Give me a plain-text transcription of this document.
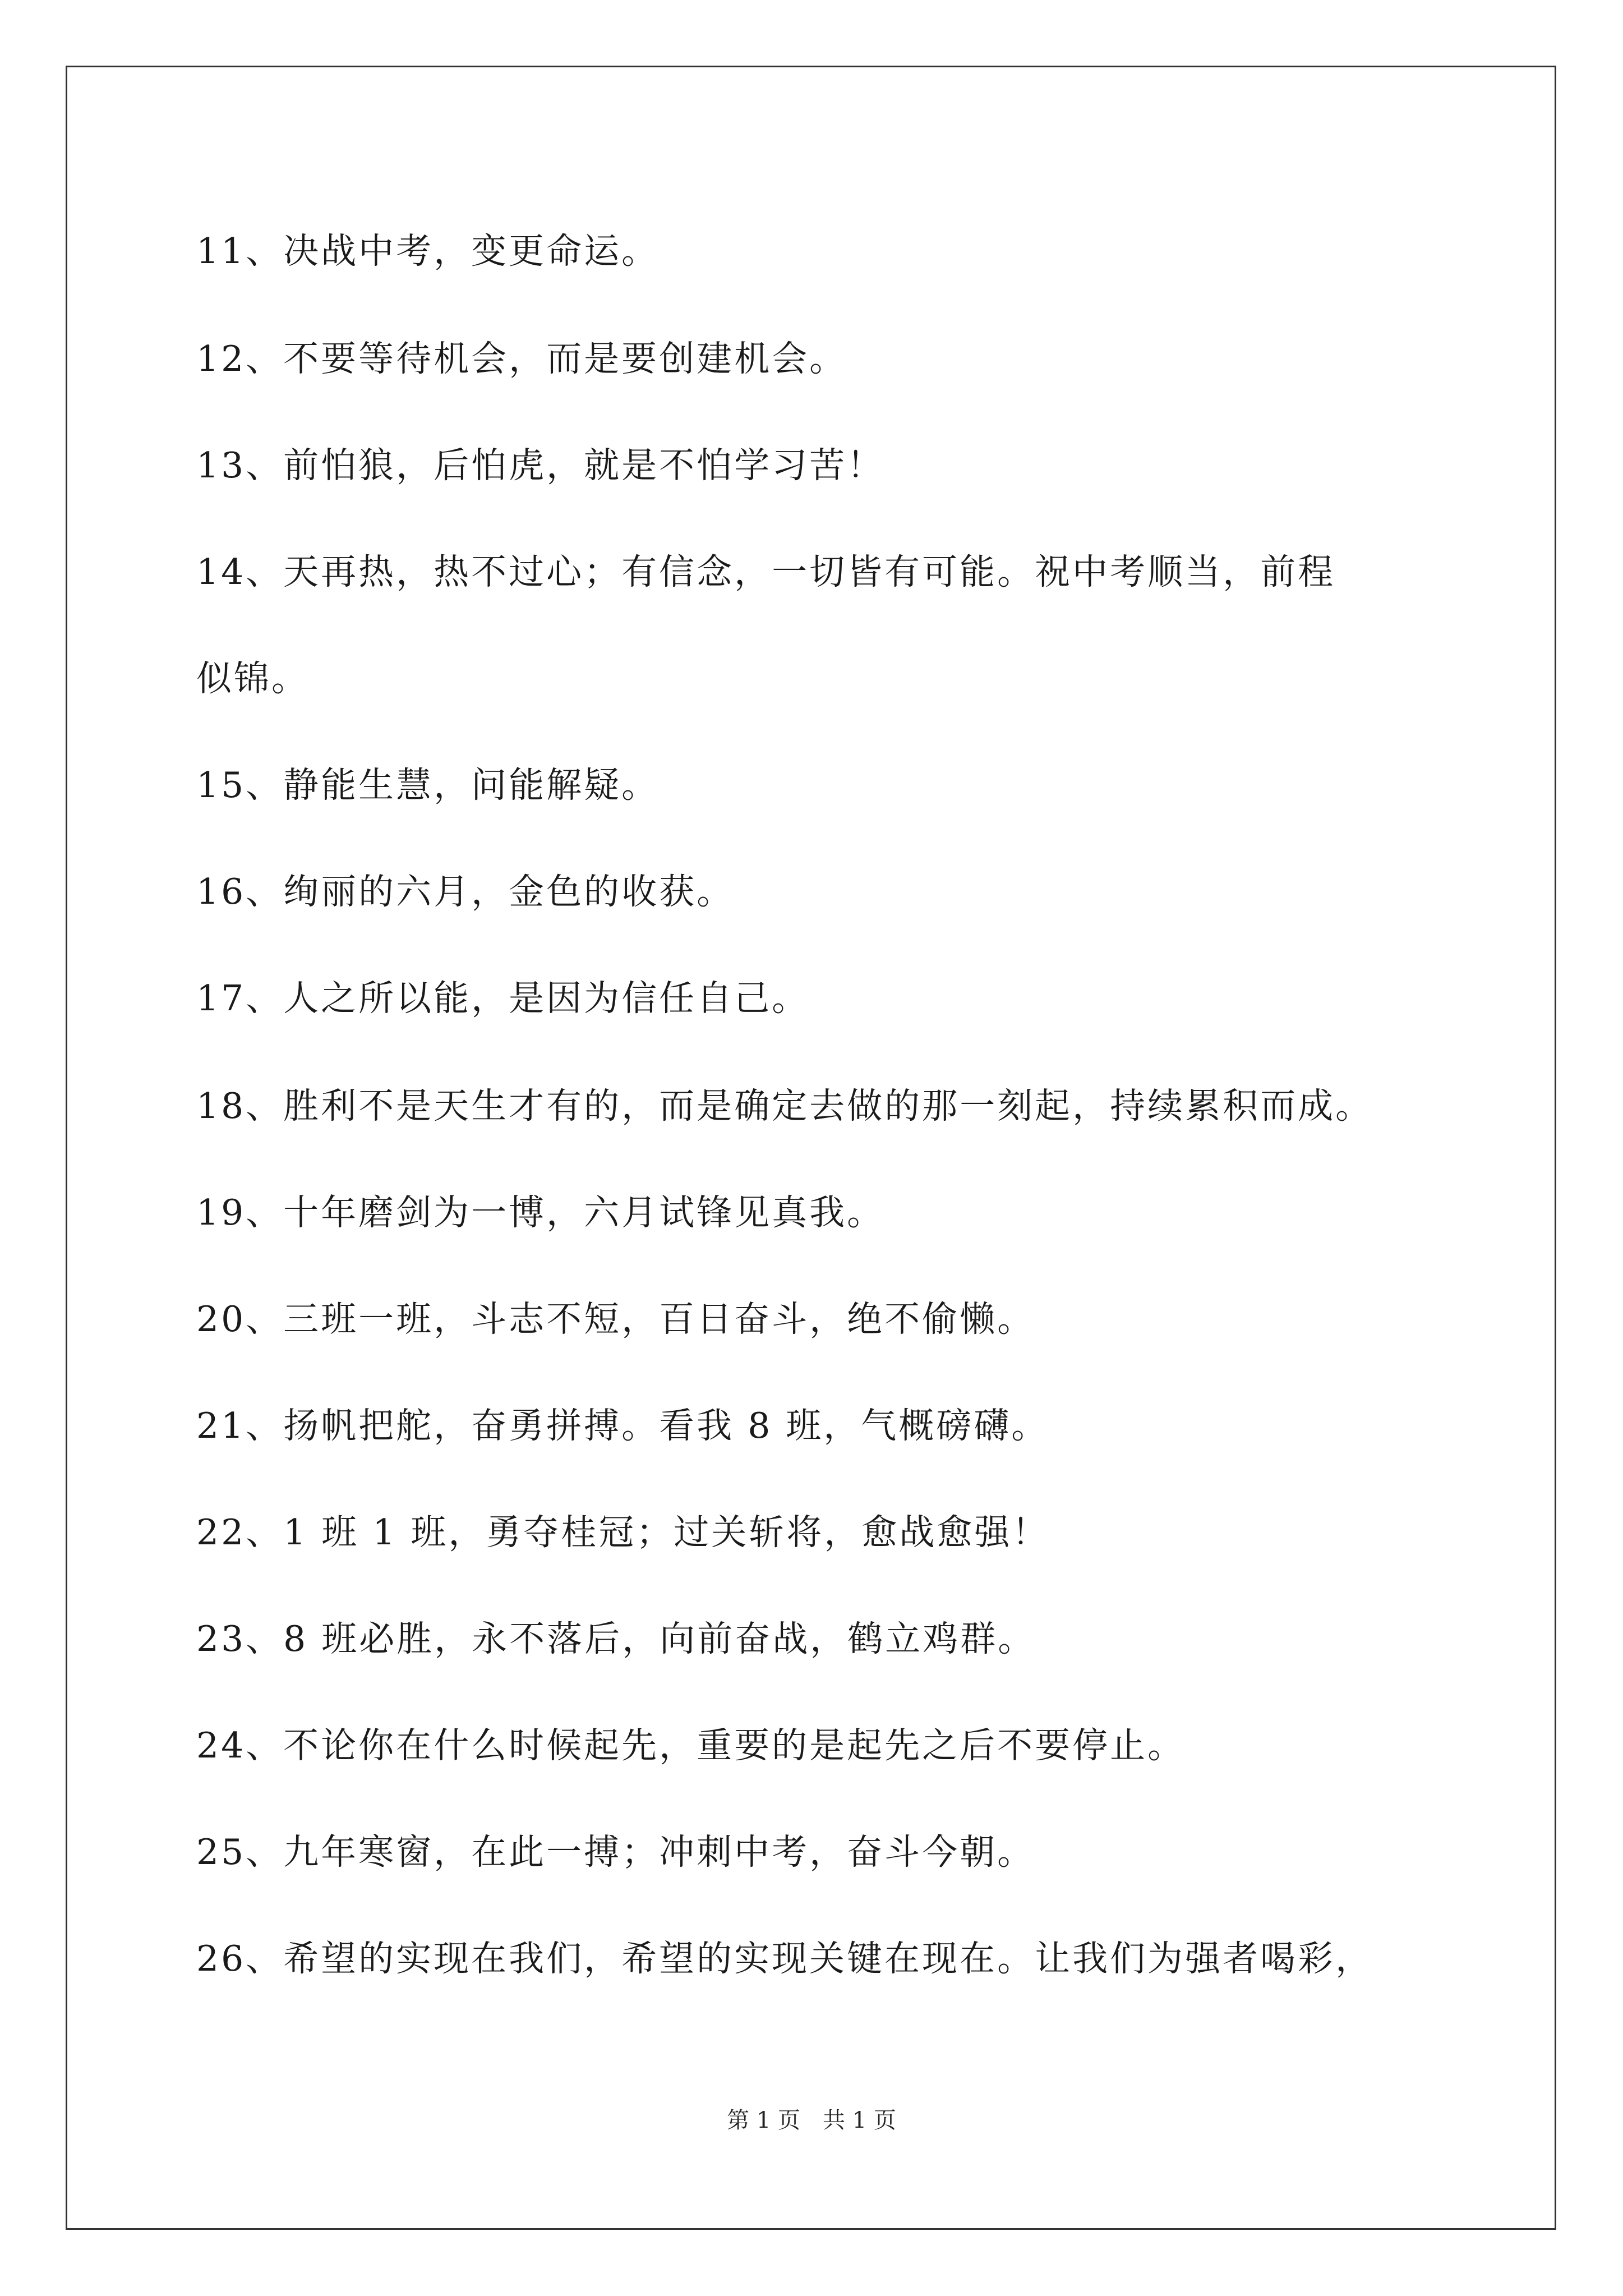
11、决战中考，变更命运。
12、不要等待机会，而是要创建机会。
13、前怕狼，后怕虎，就是不怕学习苦！
14、天再热，热不过心；有信念，一切皆有可能。祝中考顺当，前程
似锦。
15、静能生慧，问能解疑。
16、绚丽的六月，金色的收获。
17、人之所以能，是因为信任自己。
18、胜利不是天生才有的，而是确定去做的那一刻起，持续累积而成。
19、十年磨剑为一博，六月试锋见真我。
20、三班一班，斗志不短，百日奋斗，绝不偷懒。
21、扬帆把舵，奋勇拼搏。看我 8 班，气概磅礴。
22、1 班 1 班，勇夺桂冠；过关斩将，愈战愈强！
23、8 班必胜，永不落后，向前奋战，鹤立鸡群。
24、不论你在什么时候起先，重要的是起先之后不要停止。
25、九年寒窗，在此一搏；冲刺中考，奋斗今朝。
26、希望的实现在我们，希望的实现关键在现在。让我们为强者喝彩，
第 1 页　共 1 页
